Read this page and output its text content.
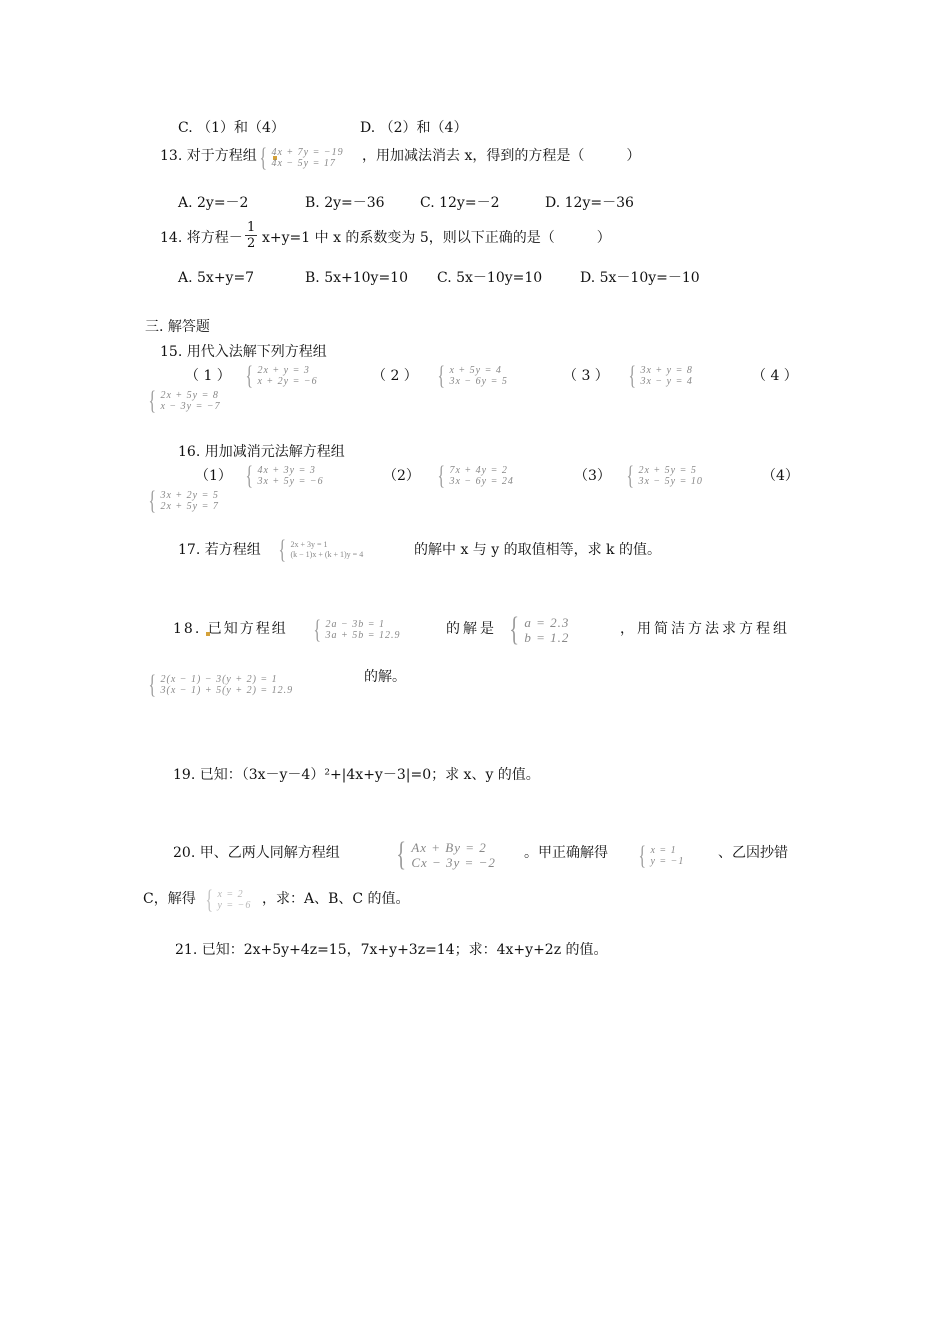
C. （1）和（4）	D. （2）和（4）
13. 对于方程组 { 4x + 7y = −19
4x − 5y = 17	，用加减法消去 x，得到的方程是（　　　）
A. 2y=－2	B. 2y=－36	C. 12y=－2	D. 12y=－36
14. 将方程－ $\frac{1}{2} x+y=1$ 中 x 的系数变为 5，则以下正确的是（　　　）
A. 5x+y=7	B. 5x+10y=10 C. 5x－10y=10	D. 5x－10y=－10
三. 解答题
15. 用代入法解下列方程组
（ 1 ） { 2x + y = 3
x + 2y = −6	（ 2 ） { x + 5y = 4
3x − 6y = 5	（ 3 ） { 3x + y = 8
3x − y = 4	（ 4 ）
{ 2x + 5y = 8
x − 3y = −7
16. 用加减消元法解方程组
（1） { 4x + 3y = 3
3x + 5y = −6	（2） { 7x + 4y = 2
3x − 6y = 24	（3） { 2x + 5y = 5
3x − 5y = 10	（4）
{ 3x + 2y = 5
2x + 5y = 7
17. 若方程组 { 2x + 3y = 1
(k − 1)x + (k + 1)y = 4	的解中 x 与 y 的取值相等，求 k 的值。
18. 已知方程组 { 2a − 3b = 1
3a + 5b = 12.9	的解是 { a = 2.3
b = 1.2
，用简洁方法求方程组
{ 2(x − 1) − 3(y + 2) = 1
3(x − 1) + 5(y + 2) = 12.9
的解。
19. 已知：（3x－y－4）²+|4x+y－3|=0；求 x、y 的值。
20. 甲、乙两人同解方程组 { Ax + By = 2
Cx − 3y = −2
。甲正确解得 { x = 1
y = −1
、乙因抄错
C，解得 { x = 2
y = −6 ，求：A、B、C 的值。
21. 已知：2x+5y+4z=15，7x+y+3z=14；求：4x+y+2z 的值。
